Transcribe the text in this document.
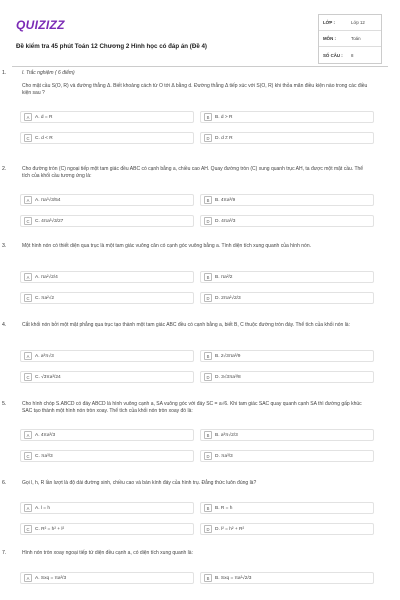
QUIZIZZ
Đề kiểm tra 45 phút Toán 12 Chương 2 Hình học có đáp án (Đề 4)
LỚP :	Lớp 12
MÔN :	Toán
SỐ CÂU :	8
1.	I. Trắc nghiệm ( 6 điểm)
Cho mặt cầu S(O, R) và đường thẳng Δ. Biết khoảng cách từ O tới Δ bằng d. Đường thẳng Δ tiếp xúc với S(O, R) khi thỏa mãn điều kiện nào trong các điều kiện sau ?
A	A. d = R	B	B. d > R
C	C. d < R	D	D. d ≠ R
2.	Cho đường tròn (C) ngoại tiếp một tam giác đều ABC có cạnh bằng a, chiều cao AH. Quay đường tròn (C) xung quanh trục AH, ta được một mặt cầu. Thể tích của khối cầu tương ứng là:
A	A. πa³√3/54	B	B. 4πa³/9
C	C. 4πa³√3/27	D	D. 4πa³/3
3.	Một hình nón có thiết diện qua trục là một tam giác vuông cân có cạnh góc vuông bằng a. Tính diện tích xung quanh của hình nón.
A	A. πa²√2/4	B	B. πa²/2
C	C. πa²√2	D	D. 2πa²√2/3
4.	Cắt khối nón bởi một mặt phẳng qua trục tạo thành một tam giác ABC đều có cạnh bằng a, biết B, C thuộc đường tròn đáy. Thể tích của khối nón là:
A	A. a³π√3	B	B. 2√3πa³/9
C	C. √3πa³/24	D	D. 3√3πa³/8
5.	Cho hình chóp S.ABCD có đáy ABCD là hình vuông cạnh a, SA vuông góc với đáy SC = a√6. Khi tam giác SAC quay quanh cạnh SA thì đường gấp khúc SAC tạo thành một hình nón tròn xoay. Thể tích của khối nón tròn xoay đó là:
A	A. 4πa³/3	B	B. a³π√2/3
C	C. πa³/3	D	D. πa³/3
6.	Gọi l, h, R lần lượt là độ dài đường sinh, chiều cao và bán kính đáy của hình trụ. Đẳng thức luôn đúng là?
A	A. l = h	B	B. R = h
C	C. R² = h² + l²	D	D. l² = h² + R²
7.	Hình nón tròn xoay ngoại tiếp tứ diện đều cạnh a, có diện tích xung quanh là:
A	A. Sxq = πa²/3	B	B. Sxq = πa²√2/3
